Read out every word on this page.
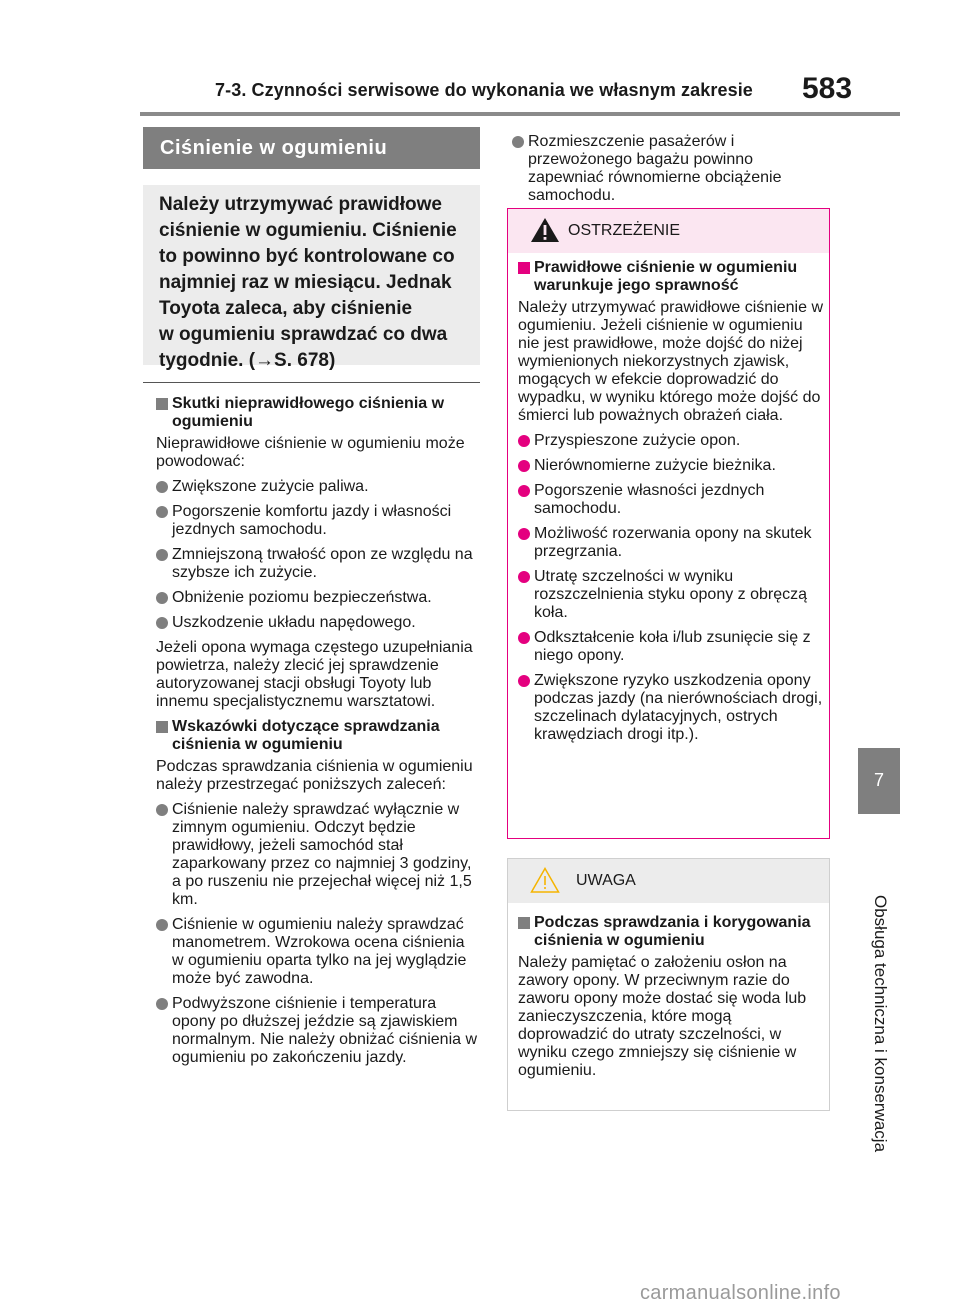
7-3. Czynności serwisowe do wykonania we własnym zakresie 583
7
Obsługa techniczna i konserwacja
Ciśnienie w ogumieniu

Należy utrzymywać prawidłowe

ciśnienie w ogumieniu. Ciśnienie

to powinno być kontrolowane co

najmniej raz w miesiącu. Jednak

Toyota zaleca, aby ciśnienie

w ogumieniu sprawdzać co dwa

tygodnie. (→S. 678)

Skutki nieprawidłowego ciśnienia w ogumieniu

Nieprawidłowe ciśnienie w ogumieniu może powodować:

Zwiększone zużycie paliwa.

Pogorszenie komfortu jazdy i własności jezdnych samochodu.

Zmniejszoną trwałość opon ze względu na szybsze ich zużycie.

Obniżenie poziomu bezpieczeństwa.

Uszkodzenie układu napędowego.

Jeżeli opona wymaga częstego uzupełniania powietrza, należy zlecić jej sprawdzenie autoryzowanej stacji obsługi Toyoty lub innemu specjalistycznemu warsztatowi.

Wskazówki dotyczące sprawdzania ciśnienia w ogumieniu

Podczas sprawdzania ciśnienia w ogumieniu należy przestrzegać poniższych zaleceń:

Ciśnienie należy sprawdzać wyłącznie w zimnym ogumieniu. Odczyt będzie prawidłowy, jeżeli samochód stał zaparkowany przez co najmniej 3 godziny, a po ruszeniu nie przejechał więcej niż 1,5 km.

Ciśnienie w ogumieniu należy sprawdzać manometrem. Wzrokowa ocena ciśnienia w ogumieniu oparta tylko na jej wyglądzie może być zawodna.

Podwyższone ciśnienie i temperatura opony po dłuższej jeździe są zjawiskiem normalnym. Nie należy obniżać ciśnienia w ogumieniu po zakończeniu jazdy.

Rozmieszczenie pasażerów i przewożonego bagażu powinno zapewniać równomierne obciążenie samochodu.

OSTRZEŻENIE

Prawidłowe ciśnienie w ogumieniu warunkuje jego sprawność

Należy utrzymywać prawidłowe ciśnienie w ogumieniu. Jeżeli ciśnienie w ogumieniu nie jest prawidłowe, może dojść do niżej wymienionych niekorzystnych zjawisk, mogących w efekcie doprowadzić do wypadku, w wyniku którego może dojść do śmierci lub poważnych obrażeń ciała.

Przyspieszone zużycie opon.

Nierównomierne zużycie bieżnika.

Pogorszenie własności jezdnych samochodu.

Możliwość rozerwania opony na skutek przegrzania.

Utratę szczelności w wyniku rozszczelnienia styku opony z obręczą koła.

Odkształcenie koła i/lub zsunięcie się z niego opony.

Zwiększone ryzyko uszkodzenia opony podczas jazdy (na nierównościach drogi, szczelinach dylatacyjnych, ostrych krawędziach drogi itp.).

UWAGA

Podczas sprawdzania i korygowania ciśnienia w ogumieniu

Należy pamiętać o założeniu osłon na zawory opony. W przeciwnym razie do zaworu opony może dostać się woda lub zanieczyszczenia, które mogą doprowadzić do utraty szczelności, w wyniku czego zmniejszy się ciśnienie w ogumieniu.

carmanualsonline.info
